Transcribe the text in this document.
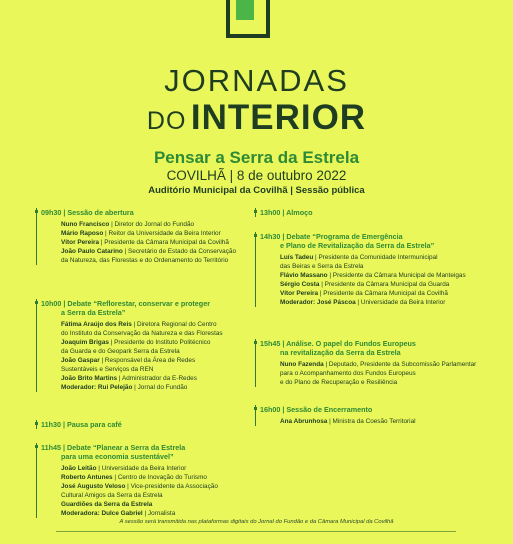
JORNADAS
DO INTERIOR
Pensar a Serra da Estrela
COVILHÃ | 8 de outubro 2022
Auditório Municipal da Covilhã | Sessão pública
09h30 | Sessão de abertura
Nuno Francisco | Diretor do Jornal do Fundão
Mário Raposo | Reitor da Universidade da Beira Interior
Vítor Pereira | Presidente da Câmara Municipal da Covilhã
João Paulo Catarino | Secretário de Estado da Conservação
da Natureza, das Florestas e do Ordenamento do Território
10h00 | Debate “Reflorestar, conservar e proteger
a Serra da Estrela”
Fátima Araújo dos Reis | Diretora Regional do Centro
do Instituto da Conservação da Natureza e das Florestas
Joaquim Brigas | Presidente do Instituto Politécnico
da Guarda e do Geopark Serra da Estrela
João Gaspar | Responsável da Área de Redes
Sustentáveis e Serviços da REN
João Brito Martins | Administrador da E-Redes
Moderador: Rui Pelejão | Jornal do Fundão
11h30 | Pausa para café
11h45 | Debate “Planear a Serra da Estrela
para uma economia sustentável”
João Leitão | Universidade da Beira Interior
Roberto Antunes | Centro de Inovação do Turismo
José Augusto Veloso | Vice-presidente da Associação
Cultural Amigos da Serra da Estrela
Guardiões da Serra da Estrela
Moderadora: Dulce Gabriel | Jornalista
13h00 | Almoço
14h30 | Debate “Programa de Emergência
e Plano de Revitalização da Serra da Estrela”
Luís Tadeu | Presidente da Comunidade Intermunicipal
das Beiras e Serra da Estrela
Flávio Massano | Presidente da Câmara Municipal de Manteigas
Sérgio Costa | Presidente da Câmara Municipal da Guarda
Vítor Pereira | Presidente da Câmara Municipal da Covilhã
Moderador: José Páscoa | Universidade da Beira Interior
15h45 | Análise. O papel do Fundos Europeus
na revitalização da Serra da Estrela
Nuno Fazenda | Deputado, Presidente da Subcomissão Parlamentar
para o Acompanhamento dos Fundos Europeus
e do Plano de Recuperação e Resiliência
16h00 | Sessão de Encerramento
Ana Abrunhosa | Ministra da Coesão Territorial
A sessão será transmitida nas plataformas digitais do Jornal do Fundão e da Câmara Municipal da Covilhã
